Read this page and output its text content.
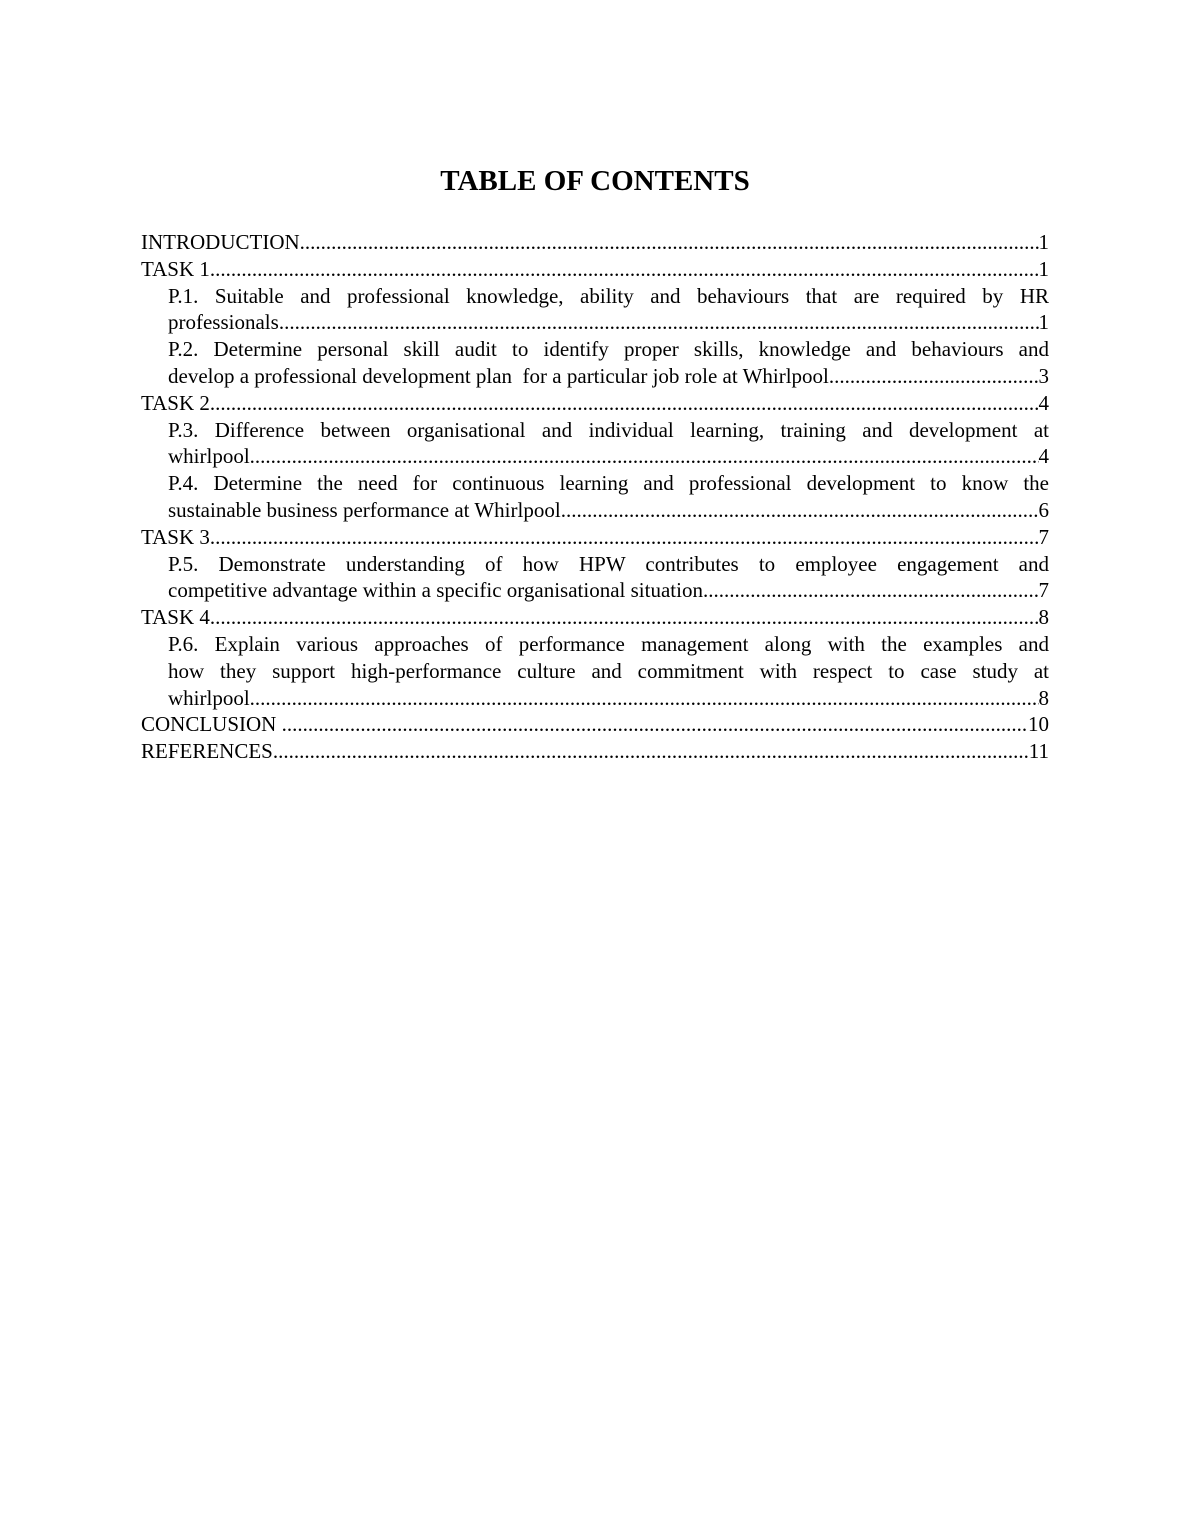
TABLE OF CONTENTS
INTRODUCTION .....	1
TASK 1 .....	1
P.1. Suitable and professional knowledge, ability and behaviours that are required by HR
professionals .....	1
P.2. Determine personal skill audit to identify proper skills, knowledge and behaviours and
develop a professional development plan  for a particular job role at Whirlpool .....	3
TASK 2 .....	4
P.3. Difference between organisational and individual learning, training and development at
whirlpool .....	4
P.4. Determine the need for continuous learning and professional development to know the
sustainable business performance at Whirlpool .....	6
TASK 3 .....	7
P.5. Demonstrate understanding of how HPW contributes to employee engagement and
competitive advantage within a specific organisational situation .....	7
TASK 4 .....	8
P.6. Explain various approaches of performance management along with the examples and
how they support high-performance culture and commitment with respect to case study at
whirlpool .....	8
CONCLUSION .....	10
REFERENCES .....	11
